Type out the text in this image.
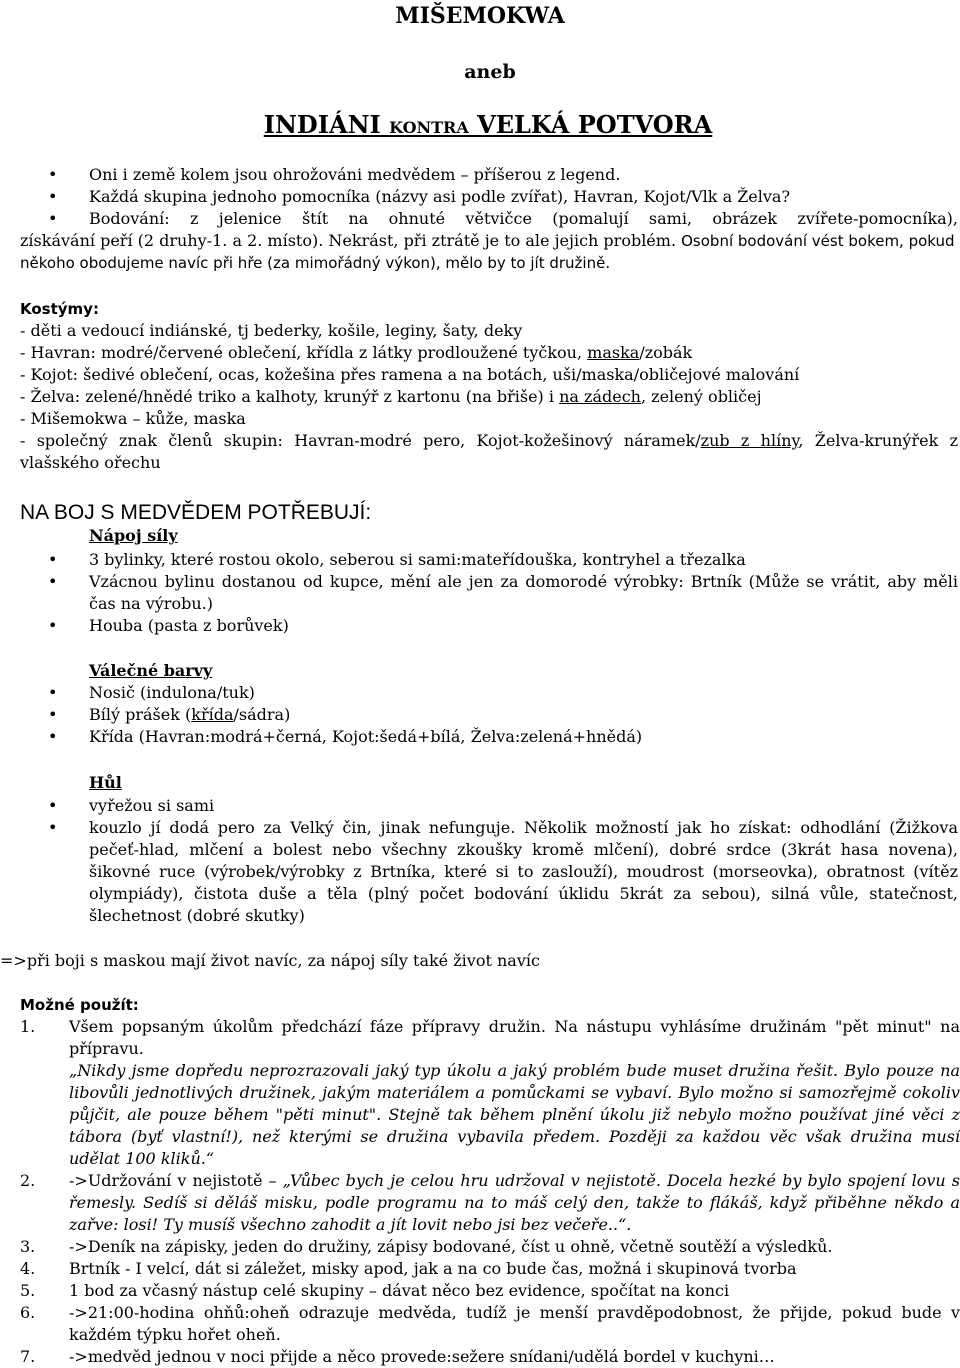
MIŠEMOKWA
aneb
INDIÁNI KONTRA VELKÁ POTVORA
• Oni i země kolem jsou ohrožováni medvědem – příšerou z legend.
• Každá skupina jednoho pomocníka (názvy asi podle zvířat), Havran, Kojot/Vlk a Želva?
• Bodování: z jelenice štít na ohnuté větvičce (pomalují sami, obrázek zvířete-pomocníka),
získávání peří (2 druhy-1. a 2. místo). Nekrást, při ztrátě je to ale jejich problém. Osobní bodování vést bokem, pokud někoho obodujeme navíc při hře (za mimořádný výkon), mělo by to jít družině.
Kostýmy:

- děti a vedoucí indiánské, tj bederky, košile, leginy, šaty, deky

- Havran: modré/červené oblečení, křídla z látky prodloužené tyčkou, maska/zobák

- Kojot: šedivé oblečení, ocas, kožešina přes ramena a na botách, uši/maska/obličejové malování

- Želva: zelené/hnědé triko a kalhoty, krunýř z kartonu (na břiše) i na zádech, zelený obličej

- Mišemokwa – kůže, maska

- společný znak členů skupin: Havran-modré pero, Kojot-kožešinový náramek/zub z hlíny, Želva-krunýřek z vlašského ořechu

NA BOJ S MEDVĚDEM POTŘEBUJÍ:
Nápoj síly
• 3 bylinky, které rostou okolo, seberou si sami:mateřídouška, kontryhel a třezalka
• Vzácnou bylinu dostanou od kupce, mění ale jen za domorodé výrobky: Brtník (Může se vrátit, aby měli čas na výrobu.)
• Houba (pasta z borůvek)
Válečné barvy
• Nosič (indulona/tuk)
• Bílý prášek (křída/sádra)
• Křída (Havran:modrá+černá, Kojot:šedá+bílá, Želva:zelená+hnědá)
Hůl
• vyřežou si sami
• kouzlo jí dodá pero za Velký čin, jinak nefunguje. Několik možností jak ho získat: odhodlání (Žižkova pečeť-hlad, mlčení a bolest nebo všechny zkoušky kromě mlčení), dobré srdce (3krát hasa novena), šikovné ruce (výrobek/výrobky z Brtníka, které si to zaslouží), moudrost (morseovka), obratnost (vítěz olympiády), čistota duše a těla (plný počet bodování úklidu 5krát za sebou), silná vůle, statečnost, šlechetnost (dobré skutky)
=>při boji s maskou mají život navíc, za nápoj síly také život navíc
Možné použít:
1. Všem popsaným úkolům předchází fáze přípravy družin. Na nástupu vyhlásíme družinám "pět minut" na přípravu.
„Nikdy jsme dopředu neprozrazovali jaký typ úkolu a jaký problém bude muset družina řešit. Bylo pouze na libovůli jednotlivých družinek, jakým materiálem a pomůckami se vybaví. Bylo možno si samozřejmě cokoliv půjčit, ale pouze během "pěti minut". Stejně tak během plnění úkolu již nebylo možno používat jiné věci z tábora (byť vlastní!), než kterými se družina vybavila předem. Později za každou věc však družina musí udělat 100 kliků.“
2. ->Udržování v nejistotě – „Vůbec bych je celou hru udržoval v nejistotě. Docela hezké by bylo spojení lovu s řemesly. Sedíš si děláš misku, podle programu na to máš celý den, takže to flákáš, když přiběhne někdo a zařve: losi! Ty musíš všechno zahodit a jít lovit nebo jsi bez večeře..“.
3. ->Deník na zápisky, jeden do družiny, zápisy bodované, číst u ohně, včetně soutěží a výsledků.
4. Brtník - I velcí, dát si záležet, misky apod, jak a na co bude čas, možná i skupinová tvorba
5. 1 bod za včasný nástup celé skupiny – dávat něco bez evidence, spočítat na konci
6. ->21:00-hodina ohňů:oheň odrazuje medvěda, tudíž je menší pravděpodobnost, že přijde, pokud bude v každém týpku hořet oheň.
7. ->medvěd jednou v noci přijde a něco provede:sežere snídani/udělá bordel v kuchyni…
